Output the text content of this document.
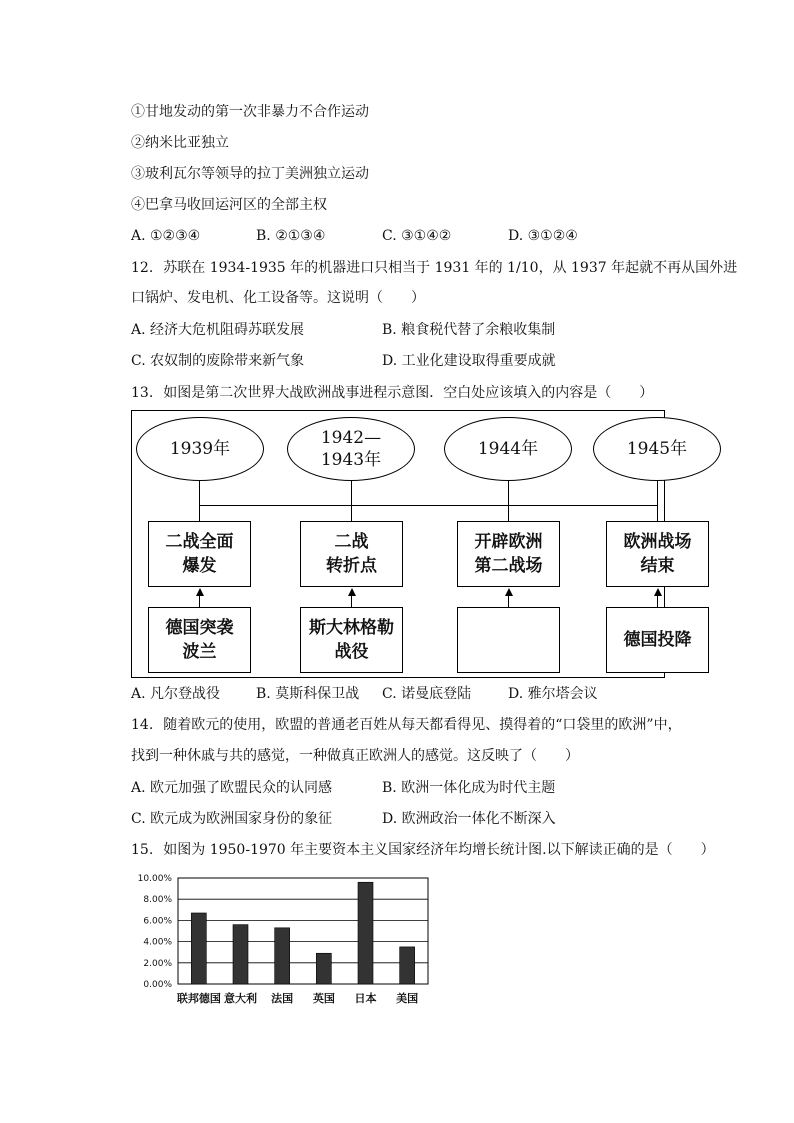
①甘地发动的第一次非暴力不合作运动
②纳米比亚独立
③玻利瓦尔等领导的拉丁美洲独立运动
④巴拿马收回运河区的全部主权
A. ①②③④	B. ②①③④	C. ③①④②	D. ③①②④
12. 苏联在 1934-1935 年的机器进口只相当于 1931 年的 1/10，从 1937 年起就不再从国外进
口锅炉、发电机、化工设备等。这说明（　　）
A. 经济大危机阻碍苏联发展	B. 粮食税代替了余粮收集制
C. 农奴制的废除带来新气象	D. 工业化建设取得重要成就
13. 如图是第二次世界大战欧洲战事进程示意图．空白处应该填入的内容是（　　）
1939年
1942—
1943年
1944年	1945年
二战全面
爆发
二战
转折点
开辟欧洲
第二战场
欧洲战场
结束
德国突袭
波兰
斯大林格勒
战役
德国投降
A. 凡尔登战役	B. 莫斯科保卫战 C. 诺曼底登陆	D. 雅尔塔会议
14. 随着欧元的使用，欧盟的普通老百姓从每天都看得见、摸得着的“口袋里的欧洲”中，
找到一种休戚与共的感觉，一种做真正欧洲人的感觉。这反映了（　　）
A. 欧元加强了欧盟民众的认同感	B. 欧洲一体化成为时代主题
C. 欧元成为欧洲国家身份的象征	D. 欧洲政治一体化不断深入
15. 如图为 1950-1970 年主要资本主义国家经济年均增长统计图.以下解读正确的是（　　）
0.00%
2.00%
4.00%
6.00%
8.00%
10.00%
联邦德国 意大利 法国 英国 日本 美国
